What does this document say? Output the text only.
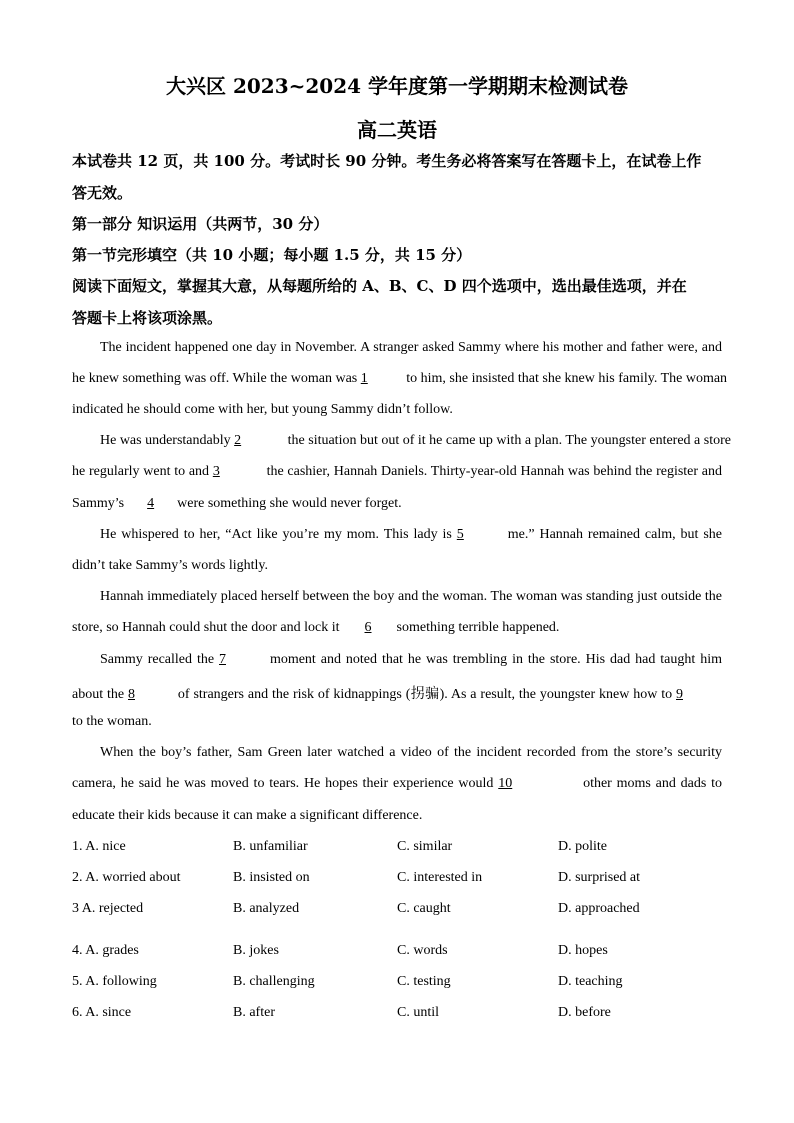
大兴区 2023~2024 学年度第一学期期末检测试卷
高二英语
本试卷共 12 页，共 100 分。考试时长 90 分钟。考生务必将答案写在答题卡上，在试卷上作
答无效。
第一部分 知识运用（共两节，30 分）
第一节完形填空（共 10 小题；每小题 1.5 分，共 15 分）
阅读下面短文，掌握其大意，从每题所给的 A、B、C、D 四个选项中，选出最佳选项，并在
答题卡上将该项涂黑。
The incident happened one day in November. A stranger asked Sammy where his mother and father were, and
he knew something was off. While the woman was 1	to him, she insisted that she knew his family. The woman
indicated he should come with her, but young Sammy didn’t follow.
He was understandably 2	the situation but out of it he came up with a plan. The youngster entered a store
he regularly went to and 3	the cashier, Hannah Daniels. Thirty-year-old Hannah was behind the register and
Sammy’s 4 were something she would never forget.
He whispered to her, “Act like you’re my mom. This lady is 5	me.” Hannah remained calm, but she
didn’t take Sammy’s words lightly.
Hannah immediately placed herself between the boy and the woman. The woman was standing just outside the
store, so Hannah could shut the door and lock it 6 something terrible happened.
Sammy recalled the 7	moment and noted that he was trembling in the store. His dad had taught him
about the 8	of strangers and the risk of kidnappings (拐骗). As a result, the youngster knew how to 9
to the woman.
When the boy’s father, Sam Green later watched a video of the incident recorded from the store’s security
camera, he said he was moved to tears. He hopes their experience would 10	other moms and dads to
educate their kids because it can make a significant difference.
1. A. nice	B. unfamiliar	C. similar	D. polite
2. A. worried about	B. insisted on	C. interested in	D. surprised at
3 A. rejected	B. analyzed	C. caught	D. approached
4. A. grades	B. jokes	C. words	D. hopes
5. A. following	B. challenging	C. testing	D. teaching
6. A. since	B. after	C. until	D. before
